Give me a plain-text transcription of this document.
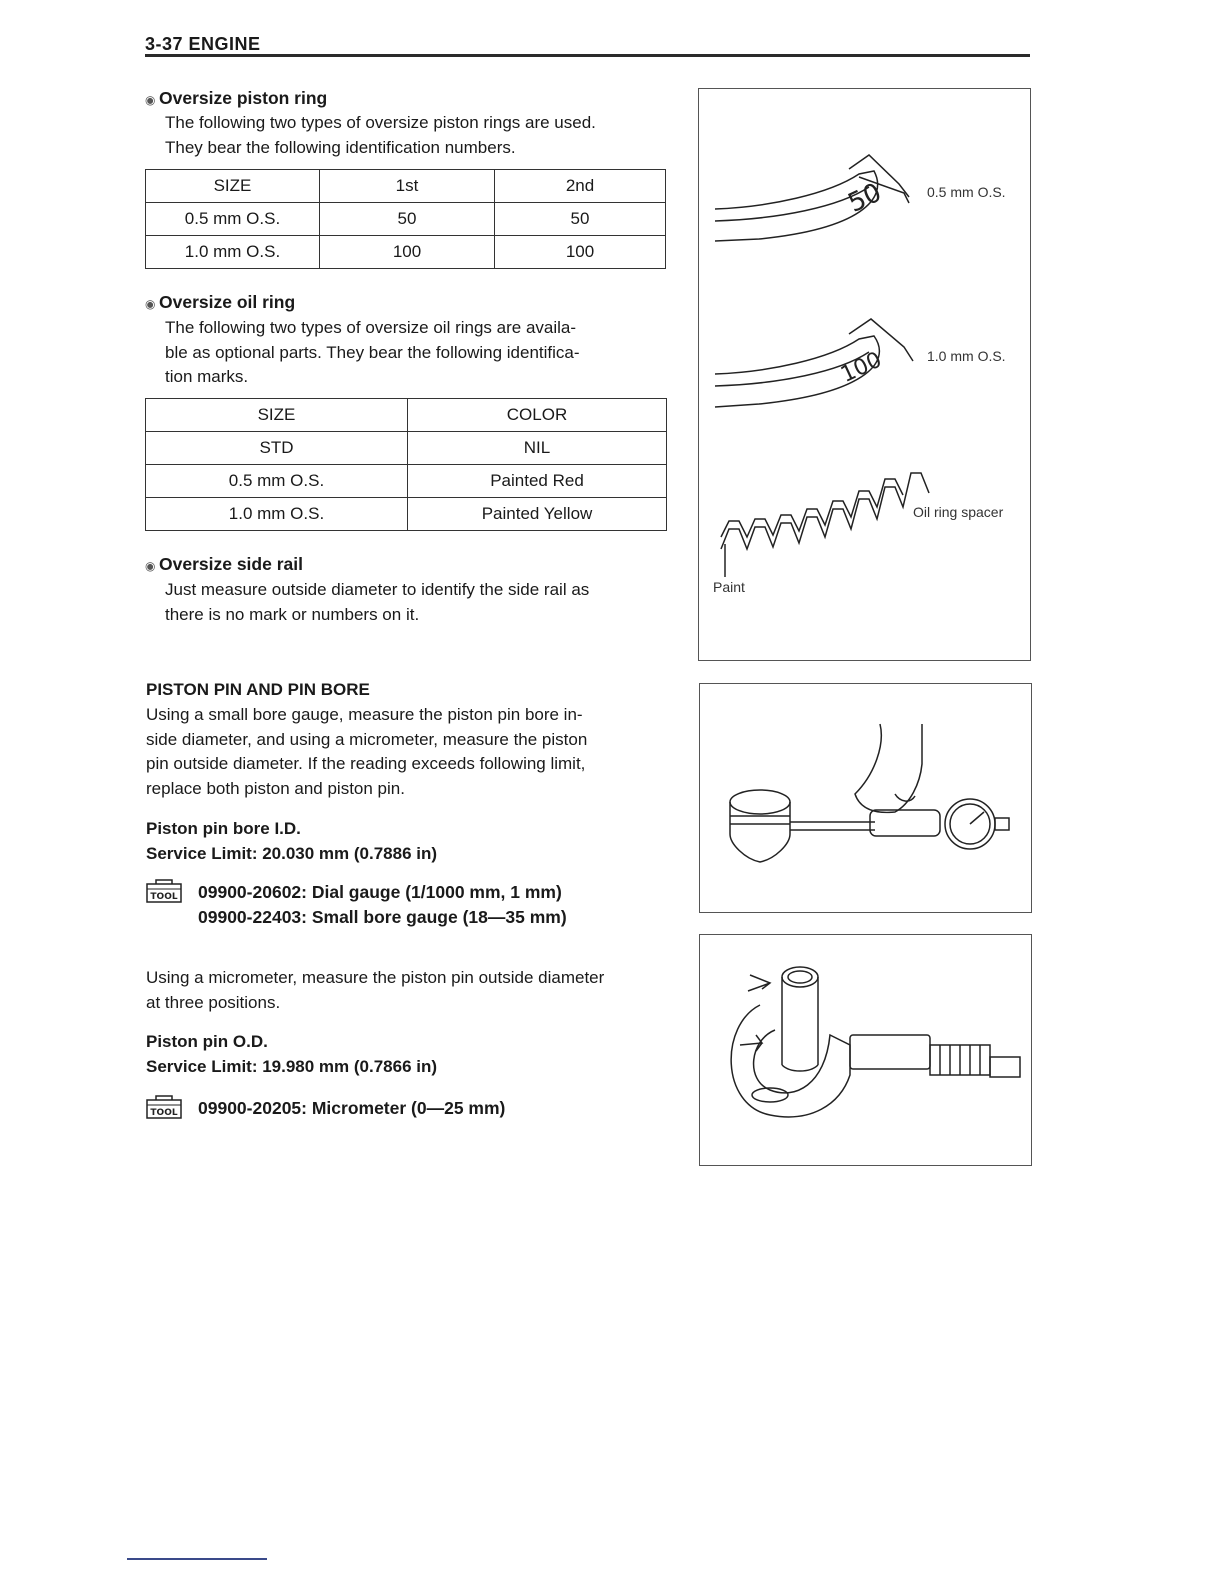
3-37 ENGINE
◉ Oversize piston ring
The following two types of oversize piston rings are used.
They bear the following identification numbers.
SIZE	1st	2nd
0.5 mm O.S.	50	50
1.0 mm O.S.	100	100
◉ Oversize oil ring
The following two types of oversize oil rings are availa-
ble as optional parts. They bear the following identifica-
tion marks.
SIZE	COLOR
STD	NIL
0.5 mm O.S.	Painted Red
1.0 mm O.S.	Painted Yellow
◉ Oversize side rail
Just measure outside diameter to identify the side rail as
there is no mark or numbers on it.
50	0.5 mm O.S.
100	1.0 mm O.S.
Oil ring spacer
Paint
PISTON PIN AND PIN BORE
Using a small bore gauge, measure the piston pin bore in-
side diameter, and using a micrometer, measure the piston
pin outside diameter. If the reading exceeds following limit,
replace both piston and piston pin.
Piston pin bore I.D.
Service Limit: 20.030 mm (0.7886 in)
TOOL 09900-20602: Dial gauge (1/1000 mm, 1 mm)
09900-22403: Small bore gauge (18—35 mm)
Using a micrometer, measure the piston pin outside diameter
at three positions.
Piston pin O.D.
Service Limit: 19.980 mm (0.7866 in)
TOOL 09900-20205: Micrometer (0—25 mm)
